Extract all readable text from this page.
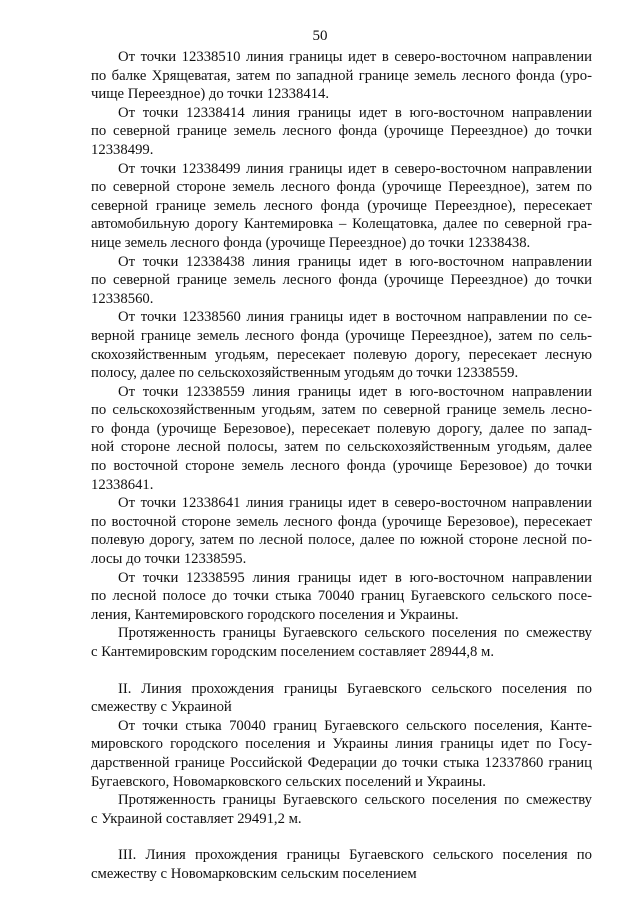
50

От точки 12338510 линия границы идет в северо-восточном направлении
по балке Хрящеватая, затем по западной границе земель лесного фонда (уро-
чище Переездное) до точки 12338414.

От точки 12338414 линия границы идет в юго-восточном направлении
по северной границе земель лесного фонда (урочище Переездное) до точки
12338499.

От точки 12338499 линия границы идет в северо-восточном направлении
по северной стороне земель лесного фонда (урочище Переездное), затем по
северной границе земель лесного фонда (урочище Переездное), пересекает
автомобильную дорогу Кантемировка – Колещатовка, далее по северной гра-
нице земель лесного фонда (урочище Переездное) до точки 12338438.

От точки 12338438 линия границы идет в юго-восточном направлении
по северной границе земель лесного фонда (урочище Переездное) до точки
12338560.

От точки 12338560 линия границы идет в восточном направлении по се-
верной границе земель лесного фонда (урочище Переездное), затем по сель-
скохозяйственным угодьям, пересекает полевую дорогу, пересекает лесную
полосу, далее по сельскохозяйственным угодьям до точки 12338559.

От точки 12338559 линия границы идет в юго-восточном направлении
по сельскохозяйственным угодьям, затем по северной границе земель лесно-
го фонда (урочище Березовое), пересекает полевую дорогу, далее по запад-
ной стороне лесной полосы, затем по сельскохозяйственным угодьям, далее
по восточной стороне земель лесного фонда (урочище Березовое) до точки
12338641.

От точки 12338641 линия границы идет в северо-восточном направлении
по восточной стороне земель лесного фонда (урочище Березовое), пересекает
полевую дорогу, затем по лесной полосе, далее по южной стороне лесной по-
лосы до точки 12338595.

От точки 12338595 линия границы идет в юго-восточном направлении
по лесной полосе до точки стыка 70040 границ Бугаевского сельского посе-
ления, Кантемировского городского поселения и Украины.

Протяженность границы Бугаевского сельского поселения по смежеству
с Кантемировским городским поселением составляет 28944,8 м.

II. Линия прохождения границы Бугаевского сельского поселения по
смежеству с Украиной

От точки стыка 70040 границ Бугаевского сельского поселения, Канте-
мировского городского поселения и Украины линия границы идет по Госу-
дарственной границе Российской Федерации до точки стыка 12337860 границ
Бугаевского, Новомарковского сельских поселений и Украины.

Протяженность границы Бугаевского сельского поселения по смежеству
с Украиной составляет 29491,2 м.

III. Линия прохождения границы Бугаевского сельского поселения по
смежеству с Новомарковским сельским поселением
